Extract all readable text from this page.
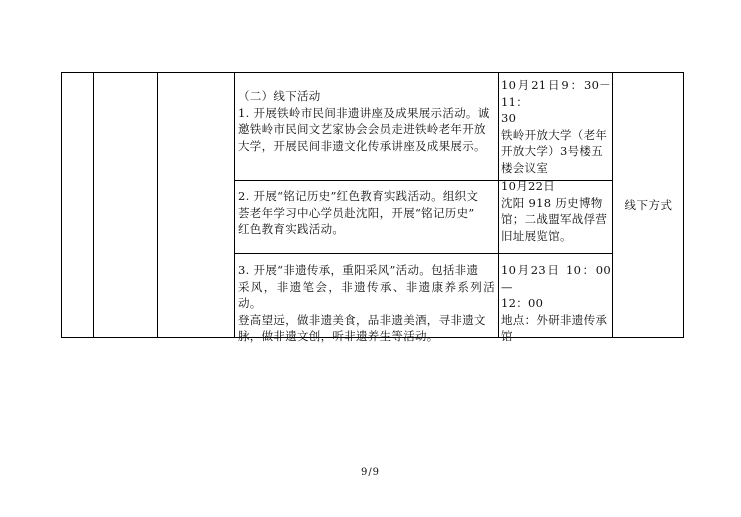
（二）线下活动
1. 开展铁岭市民间非遗讲座及成果展示活动。诚
邀铁岭市民间文艺家协会会员走进铁岭老年开放
大学，开展民间非遗文化传承讲座及成果展示。
10月21日9：30－11：
30
铁岭开放大学（老年
开放大学）3号楼五
楼会议室
2. 开展“铭记历史”红色教育实践活动。组织文
荟老年学习中心学员赴沈阳，开展“铭记历史”
红色教育实践活动。
10月22日
沈阳 918 历史博物
馆；二战盟军战俘营
旧址展览馆。
3. 开展“非遗传承，重阳采风”活动。包括非遗
采风，非遗笔会，非遗传承、非遗康养系列活动。
登高望远，做非遗美食，品非遗美酒，寻非遗文
脉，做非遗文创，听非遗养生等活动。
10月23日 10：00—
12：00
地点：外研非遗传承
馆
线下方式
9/9
